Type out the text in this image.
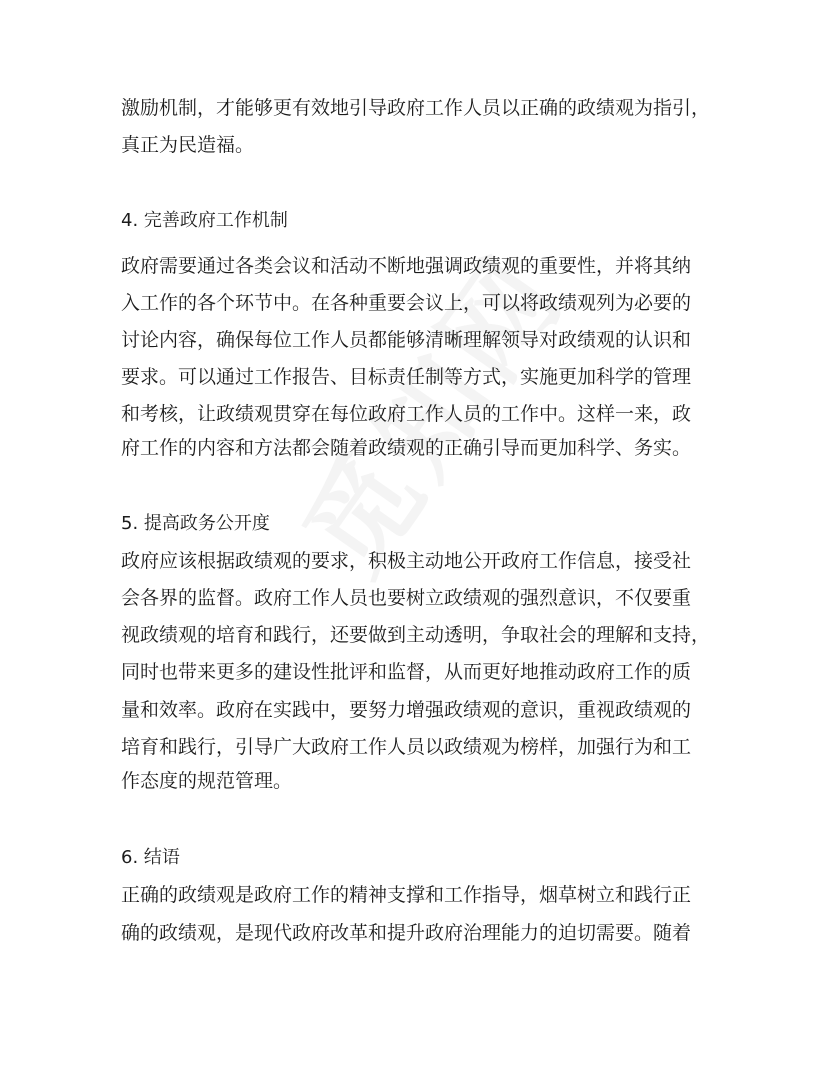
激励机制，才能够更有效地引导政府工作人员以正确的政绩观为指引，
真正为民造福。
4. 完善政府工作机制
政府需要通过各类会议和活动不断地强调政绩观的重要性，并将其纳
入工作的各个环节中。在各种重要会议上，可以将政绩观列为必要的
讨论内容，确保每位工作人员都能够清晰理解领导对政绩观的认识和
要求。可以通过工作报告、目标责任制等方式，实施更加科学的管理
和考核，让政绩观贯穿在每位政府工作人员的工作中。这样一来，政
府工作的内容和方法都会随着政绩观的正确引导而更加科学、务实。
5. 提高政务公开度
政府应该根据政绩观的要求，积极主动地公开政府工作信息，接受社
会各界的监督。政府工作人员也要树立政绩观的强烈意识，不仅要重
视政绩观的培育和践行，还要做到主动透明，争取社会的理解和支持，
同时也带来更多的建设性批评和监督，从而更好地推动政府工作的质
量和效率。政府在实践中，要努力增强政绩观的意识，重视政绩观的
培育和践行，引导广大政府工作人员以政绩观为榜样，加强行为和工
作态度的规范管理。
6. 结语
正确的政绩观是政府工作的精神支撑和工作指导，烟草树立和践行正
确的政绩观，是现代政府改革和提升政府治理能力的迫切需要。随着
